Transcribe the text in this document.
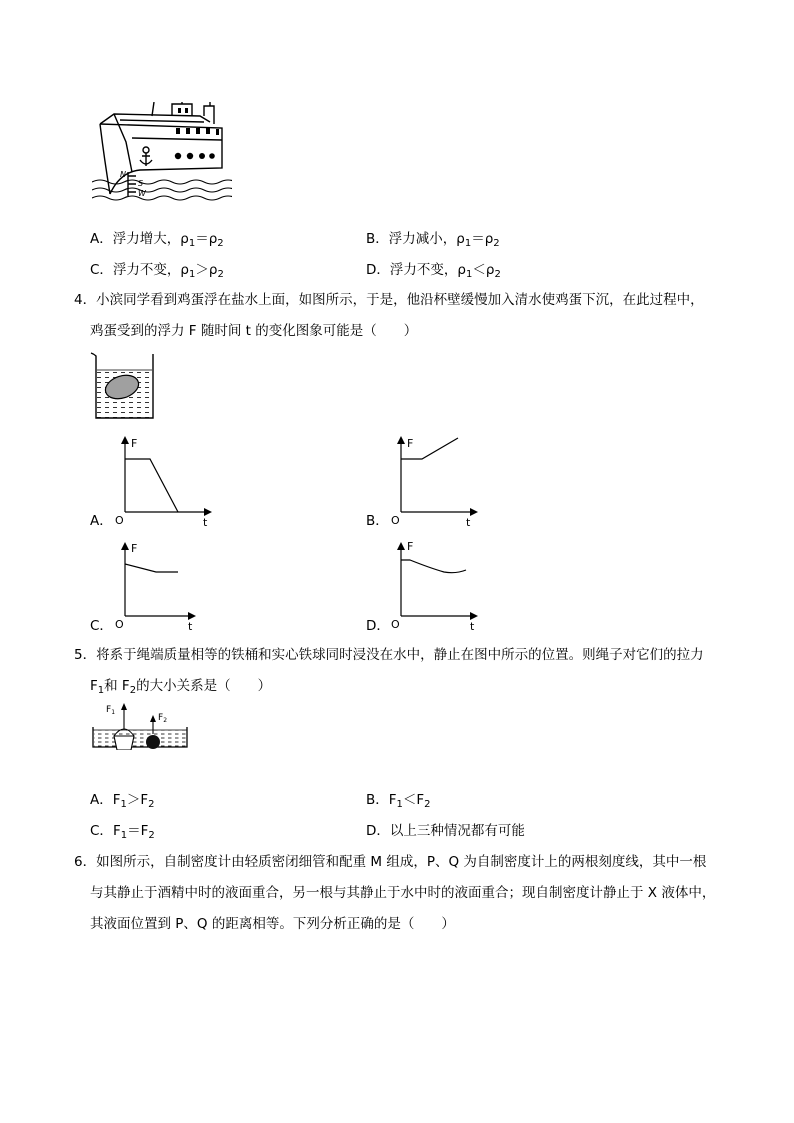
N
S
W
A．浮力增大，$\rho_1=\rho_2$	B．浮力减小，$\rho_1=\rho_2$
C．浮力不变，$\rho_1>\rho_2$	D．浮力不变，$\rho_1<\rho_2$
4．小滨同学看到鸡蛋浮在盐水上面，如图所示，于是，他沿杯壁缓慢加入清水使鸡蛋下沉，在此过程中，
鸡蛋受到的浮力 F 随时间 t 的变化图象可能是（　　）
F
O	t
A．
F
O	t
B．
F
O	t
C．
F
O	t
D．
5．将系于绳端质量相等的铁桶和实心铁球同时浸没在水中，静止在图中所示的位置。则绳子对它们的拉力
$F_1$和 $F_2$的大小关系是（　　）
$F_1$
$F_2$
A．$F_1>F_2$	B．$F_1<F_2$
C．$F_1=F_2$	D．以上三种情况都有可能
6．如图所示，自制密度计由轻质密闭细管和配重 M 组成，P、Q 为自制密度计上的两根刻度线，其中一根
与其静止于酒精中时的液面重合，另一根与其静止于水中时的液面重合；现自制密度计静止于 X 液体中，
其液面位置到 P、Q 的距离相等。下列分析正确的是（　　）
